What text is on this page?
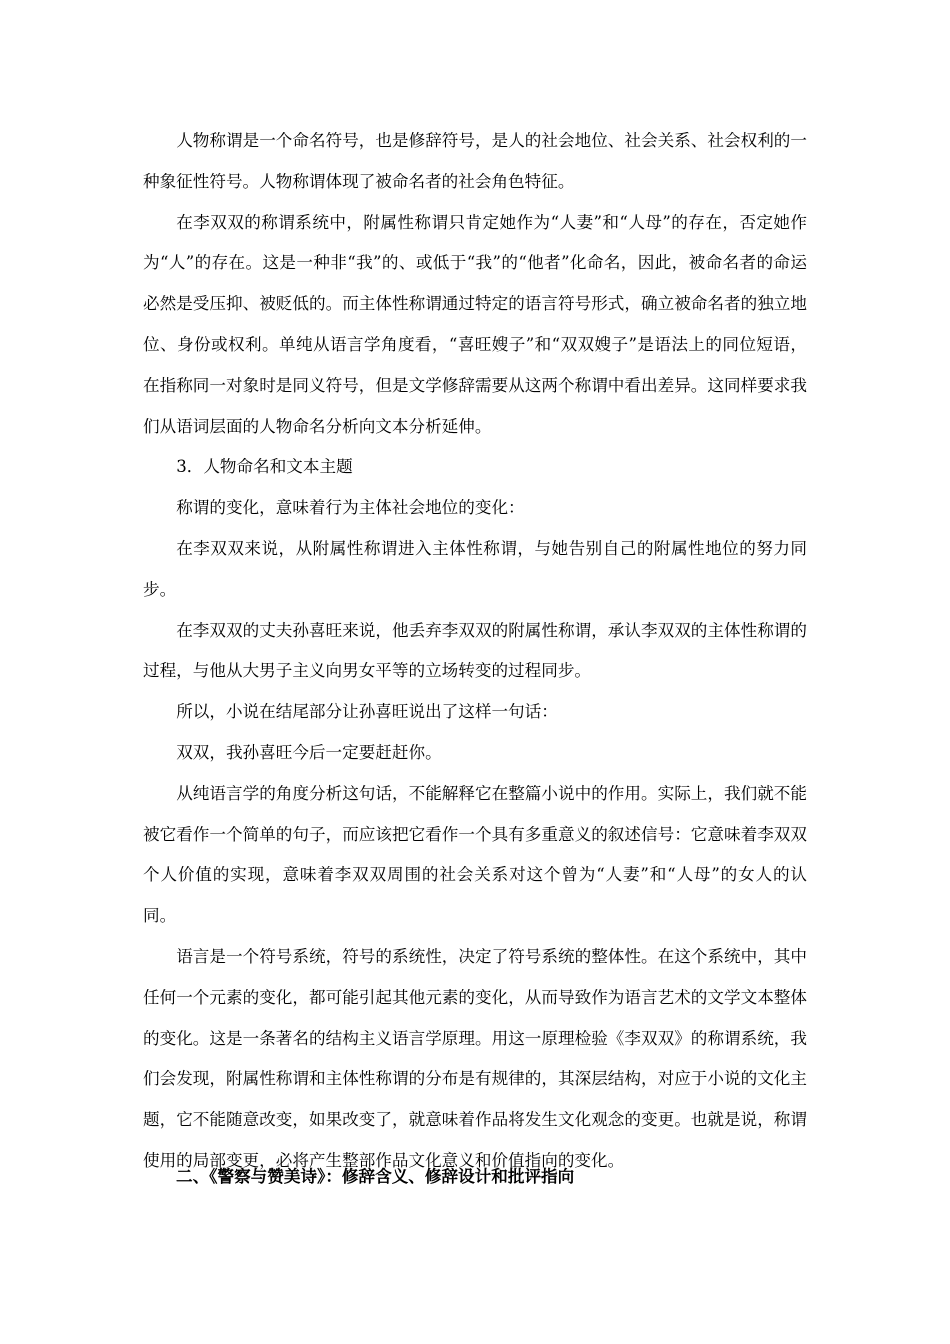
人物称谓是一个命名符号，也是修辞符号，是人的社会地位、社会关系、社会权利的一种象征性符号。人物称谓体现了被命名者的社会角色特征。

在李双双的称谓系统中，附属性称谓只肯定她作为“人妻”和“人母”的存在，否定她作为“人”的存在。这是一种非“我”的、或低于“我”的“他者”化命名，因此，被命名者的命运必然是受压抑、被贬低的。而主体性称谓通过特定的语言符号形式，确立被命名者的独立地位、身份或权利。单纯从语言学角度看，“喜旺嫂子”和“双双嫂子”是语法上的同位短语，在指称同一对象时是同义符号，但是文学修辞需要从这两个称谓中看出差异。这同样要求我们从语词层面的人物命名分析向文本分析延伸。

3．人物命名和文本主题

称谓的变化，意味着行为主体社会地位的变化：

在李双双来说，从附属性称谓进入主体性称谓，与她告别自己的附属性地位的努力同步。

在李双双的丈夫孙喜旺来说，他丢弃李双双的附属性称谓，承认李双双的主体性称谓的过程，与他从大男子主义向男女平等的立场转变的过程同步。

所以，小说在结尾部分让孙喜旺说出了这样一句话：

双双，我孙喜旺今后一定要赶赶你。

从纯语言学的角度分析这句话，不能解释它在整篇小说中的作用。实际上，我们就不能被它看作一个简单的句子，而应该把它看作一个具有多重意义的叙述信号：它意味着李双双个人价值的实现，意味着李双双周围的社会关系对这个曾为“人妻”和“人母”的女人的认同。

语言是一个符号系统，符号的系统性，决定了符号系统的整体性。在这个系统中，其中任何一个元素的变化，都可能引起其他元素的变化，从而导致作为语言艺术的文学文本整体的变化。这是一条著名的结构主义语言学原理。用这一原理检验《李双双》的称谓系统，我们会发现，附属性称谓和主体性称谓的分布是有规律的，其深层结构，对应于小说的文化主题，它不能随意改变，如果改变了，就意味着作品将发生文化观念的变更。也就是说，称谓使用的局部变更，必将产生整部作品文化意义和价值指向的变化。

二、《警察与赞美诗》：修辞含义、修辞设计和批评指向
